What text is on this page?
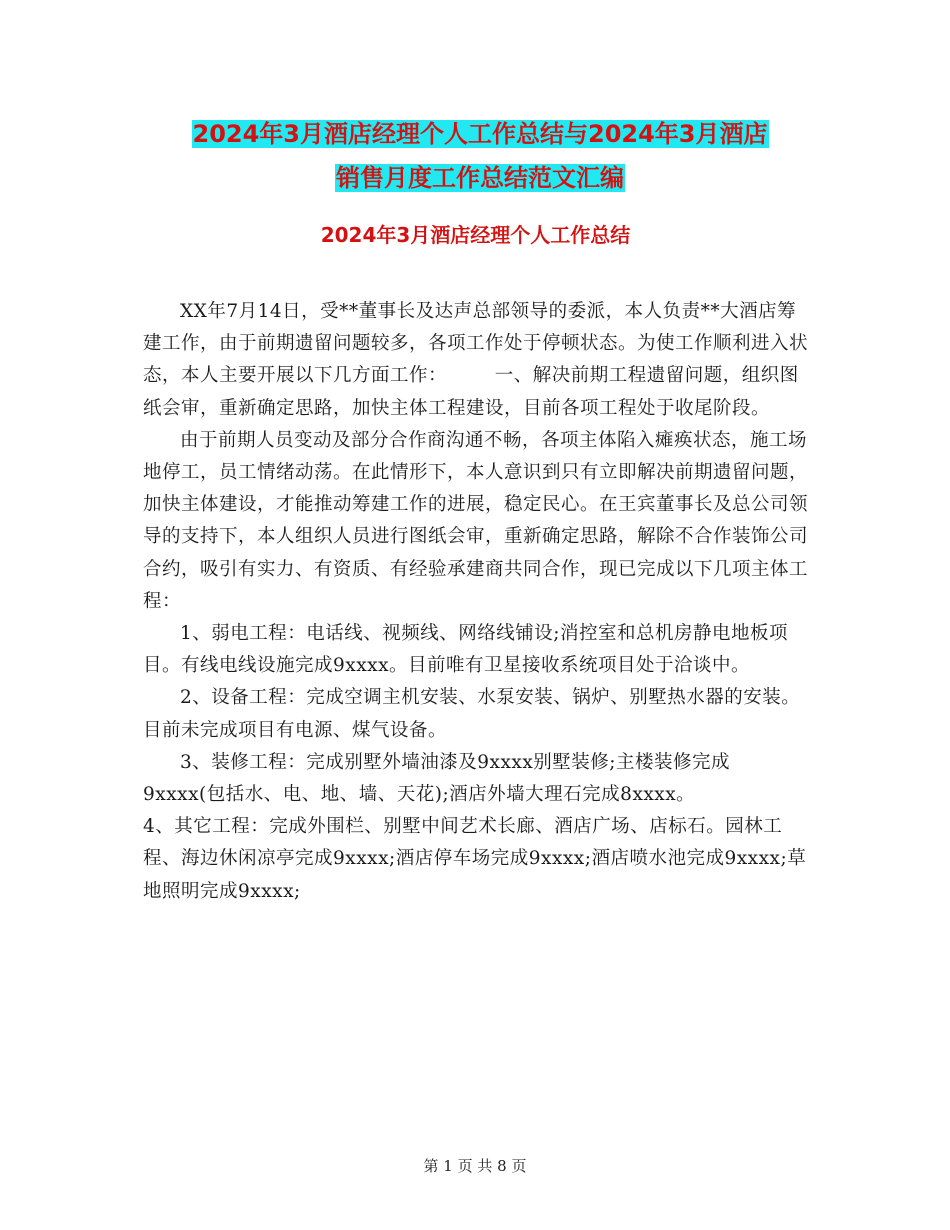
2024年3月酒店经理个人工作总结与2024年3月酒店
销售月度工作总结范文汇编
2024年3月酒店经理个人工作总结

XX年7月14日，受**董事长及达声总部领导的委派，本人负责**大酒店筹建工作，由于前期遗留问题较多，各项工作处于停顿状态。为使工作顺利进入状态，本人主要开展以下几方面工作：　　　一、解决前期工程遗留问题，组织图纸会审，重新确定思路，加快主体工程建设，目前各项工程处于收尾阶段。

由于前期人员变动及部分合作商沟通不畅，各项主体陷入瘫痪状态，施工场地停工，员工情绪动荡。在此情形下，本人意识到只有立即解决前期遗留问题，加快主体建设，才能推动筹建工作的进展，稳定民心。在王宾董事长及总公司领导的支持下，本人组织人员进行图纸会审，重新确定思路，解除不合作装饰公司合约，吸引有实力、有资质、有经验承建商共同合作，现已完成以下几项主体工程：

1、弱电工程：电话线、视频线、网络线铺设;消控室和总机房静电地板项目。有线电线设施完成9xxxx。目前唯有卫星接收系统项目处于洽谈中。

2、设备工程：完成空调主机安装、水泵安装、锅炉、别墅热水器的安装。目前未完成项目有电源、煤气设备。

3、装修工程：完成别墅外墙油漆及9xxxx别墅装修;主楼装修完成9xxxx(包括水、电、地、墙、天花);酒店外墙大理石完成8xxxx。

4、其它工程：完成外围栏、别墅中间艺术长廊、酒店广场、店标石。园林工程、海边休闲凉亭完成9xxxx;酒店停车场完成9xxxx;酒店喷水池完成9xxxx;草地照明完成9xxxx;

第 1 页 共 8 页
